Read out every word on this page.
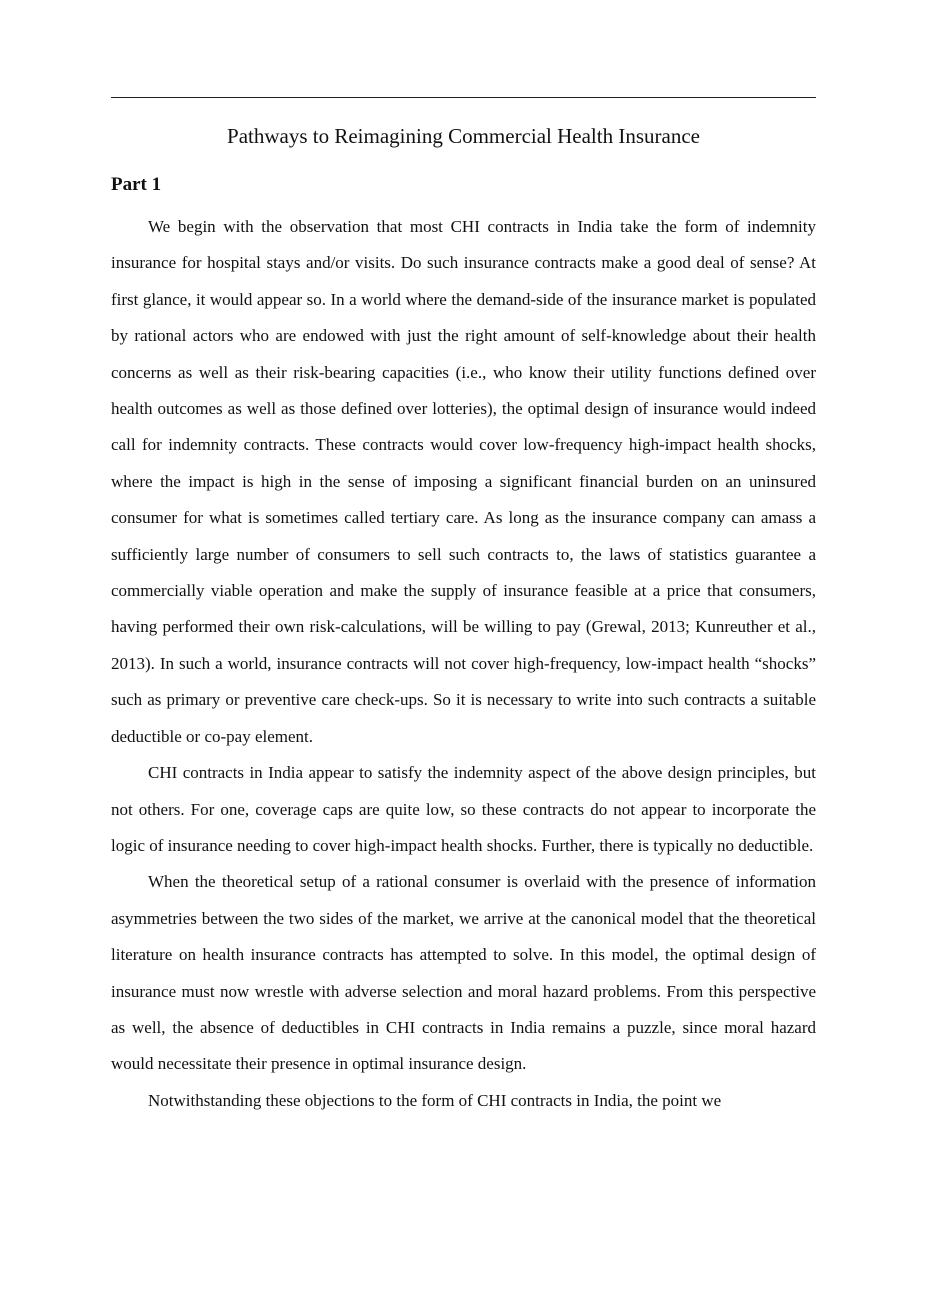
Pathways to Reimagining Commercial Health Insurance
Part 1

We begin with the observation that most CHI contracts in India take the form of indemnity insurance for hospital stays and/or visits. Do such insurance contracts make a good deal of sense? At first glance, it would appear so. In a world where the demand-side of the insurance market is populated by rational actors who are endowed with just the right amount of self-knowledge about their health concerns as well as their risk-bearing capacities (i.e., who know their utility functions defined over health outcomes as well as those defined over lotteries), the optimal design of insurance would indeed call for indemnity contracts. These contracts would cover low-frequency high-impact health shocks, where the impact is high in the sense of imposing a significant financial burden on an uninsured consumer for what is sometimes called tertiary care. As long as the insurance company can amass a sufficiently large number of consumers to sell such contracts to, the laws of statistics guarantee a commercially viable operation and make the supply of insurance feasible at a price that consumers, having performed their own risk-calculations, will be willing to pay (Grewal, 2013; Kunreuther et al., 2013). In such a world, insurance contracts will not cover high-frequency, low-impact health “shocks” such as primary or preventive care check-ups. So it is necessary to write into such contracts a suitable deductible or co-pay element.

CHI contracts in India appear to satisfy the indemnity aspect of the above design principles, but not others. For one, coverage caps are quite low, so these contracts do not appear to incorporate the logic of insurance needing to cover high-impact health shocks. Further, there is typically no deductible.

When the theoretical setup of a rational consumer is overlaid with the presence of information asymmetries between the two sides of the market, we arrive at the canonical model that the theoretical literature on health insurance contracts has attempted to solve. In this model, the optimal design of insurance must now wrestle with adverse selection and moral hazard problems. From this perspective as well, the absence of deductibles in CHI contracts in India remains a puzzle, since moral hazard would necessitate their presence in optimal insurance design.

Notwithstanding these objections to the form of CHI contracts in India, the point we
